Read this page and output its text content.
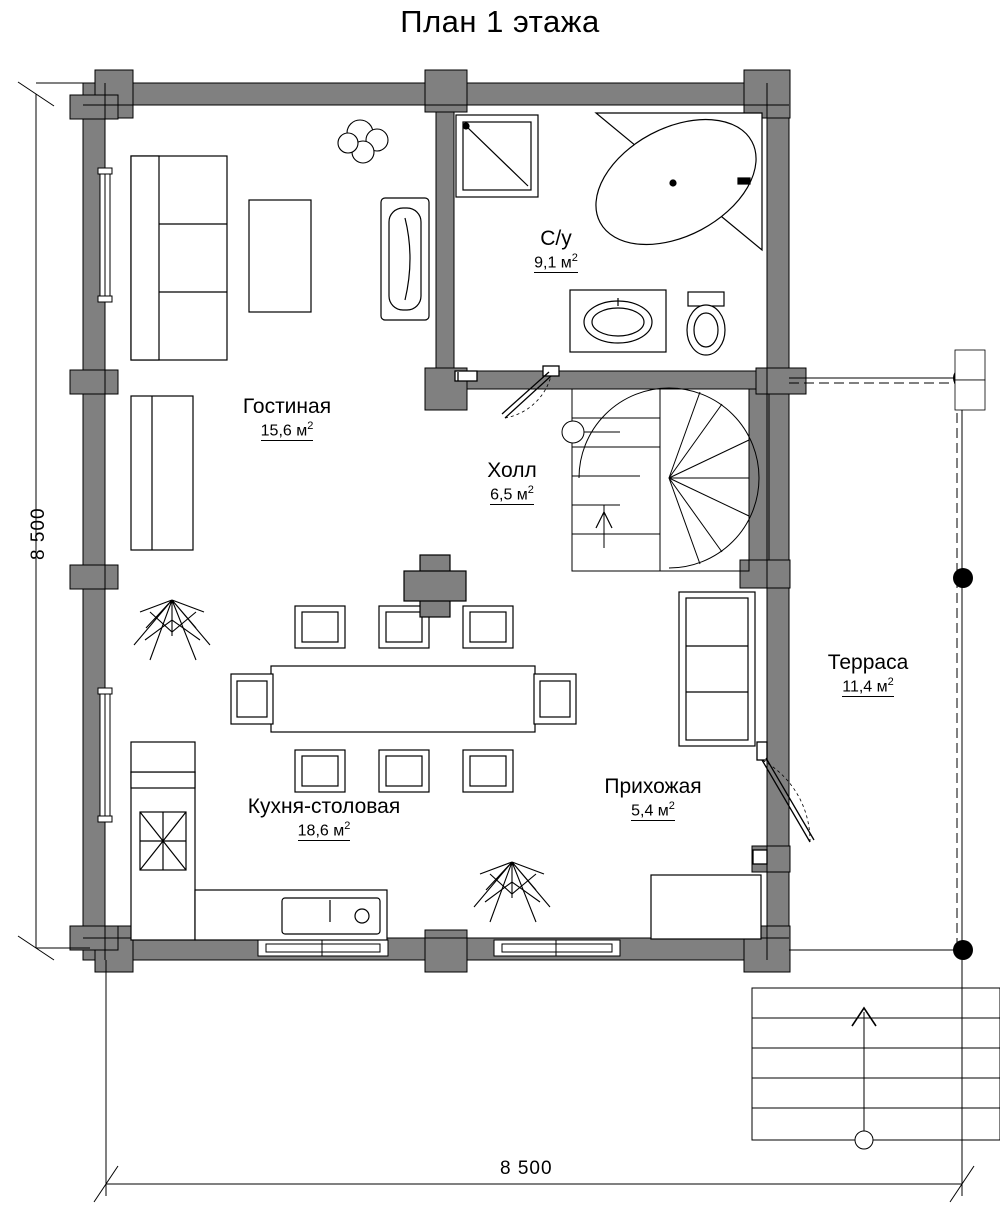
План 1 этажа
Гостиная
15,6 $м^2$
С/у
9,1 $м^2$
Холл
6,5 $м^2$
Терраса
11,4 $м^2$
Кухня-столовая
18,6 $м^2$
Прихожая
5,4 $м^2$
8 500
8 500
